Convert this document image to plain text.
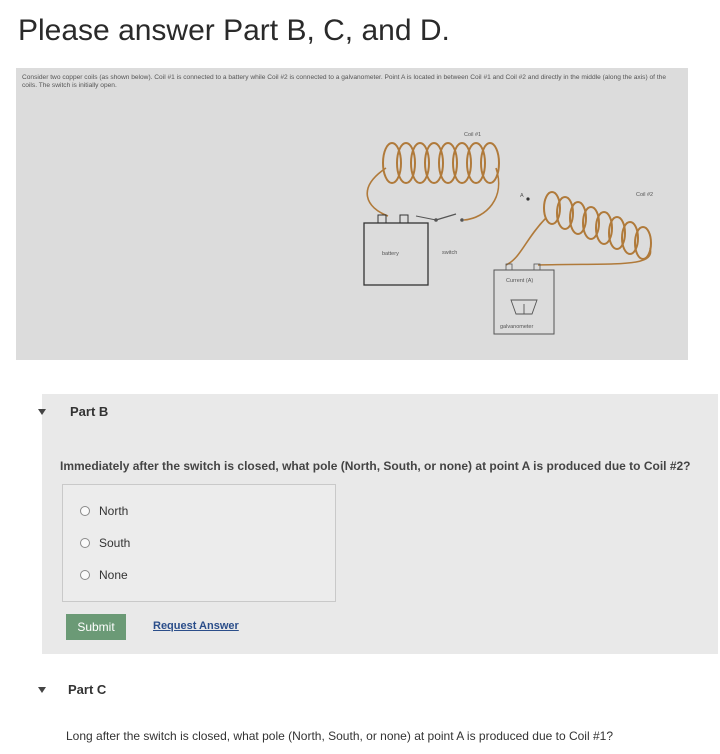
Please answer Part B, C, and D.
Consider two copper coils (as shown below). Coil #1 is connected to a battery while Coil #2 is connected to a galvanometer. Point A is located in between Coil #1 and Coil #2 and directly in the middle (along the axis) of the coils. The switch is initially open.
Coil #1
Coil #2
battery	switch
A
Current (A)
galvanometer
Part B
Immediately after the switch is closed, what pole (North, South, or none) at point A is produced due to Coil #2?
North
South
None
Submit	Request Answer
Part C
Long after the switch is closed, what pole (North, South, or none) at point A is produced due to Coil #1?
